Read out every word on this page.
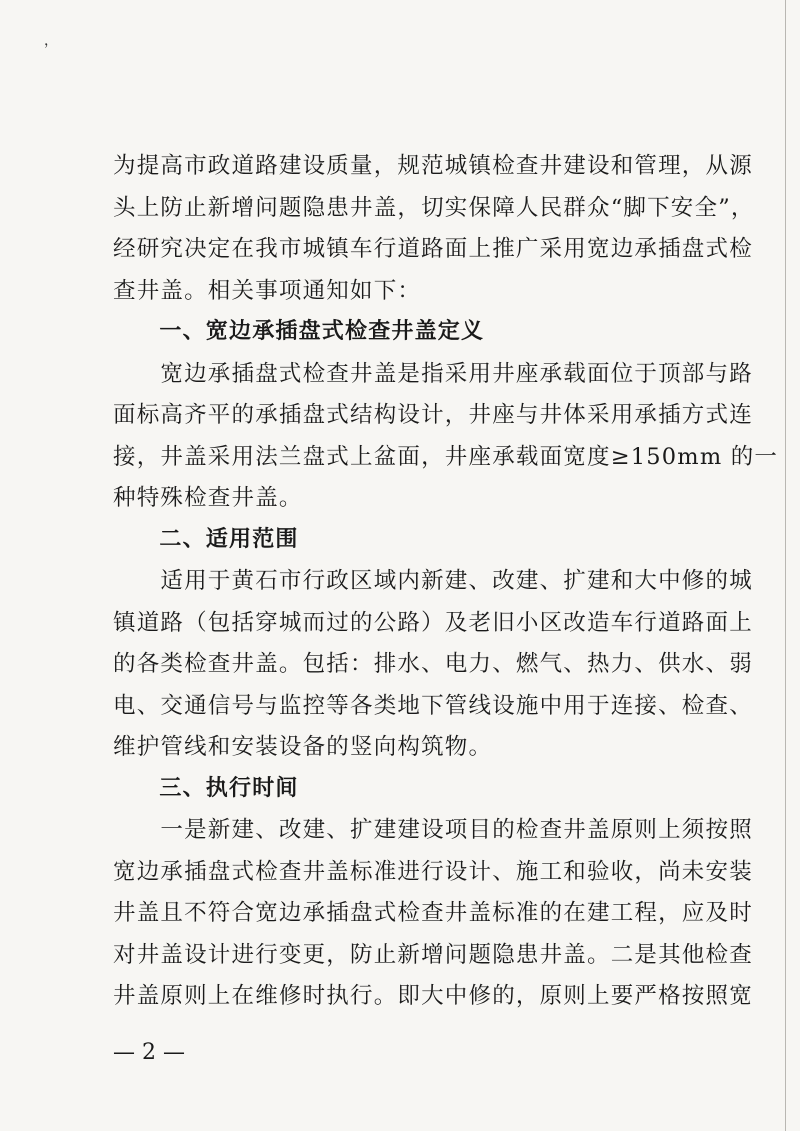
，
为提高市政道路建设质量，规范城镇检查井建设和管理，从源
头上防止新增问题隐患井盖，切实保障人民群众“脚下安全”，
经研究决定在我市城镇车行道路面上推广采用宽边承插盘式检
查井盖。相关事项通知如下：
　　一、宽边承插盘式检查井盖定义
　　宽边承插盘式检查井盖是指采用井座承载面位于顶部与路
面标高齐平的承插盘式结构设计，井座与井体采用承插方式连
接，井盖采用法兰盘式上盆面，井座承载面宽度≥150mm 的一
种特殊检查井盖。
　　二、适用范围
　　适用于黄石市行政区域内新建、改建、扩建和大中修的城
镇道路（包括穿城而过的公路）及老旧小区改造车行道路面上
的各类检查井盖。包括：排水、电力、燃气、热力、供水、弱
电、交通信号与监控等各类地下管线设施中用于连接、检查、
维护管线和安装设备的竖向构筑物。
　　三、执行时间
　　一是新建、改建、扩建建设项目的检查井盖原则上须按照
宽边承插盘式检查井盖标准进行设计、施工和验收，尚未安装
井盖且不符合宽边承插盘式检查井盖标准的在建工程，应及时
对井盖设计进行变更，防止新增问题隐患井盖。二是其他检查
井盖原则上在维修时执行。即大中修的，原则上要严格按照宽
— 2 —
